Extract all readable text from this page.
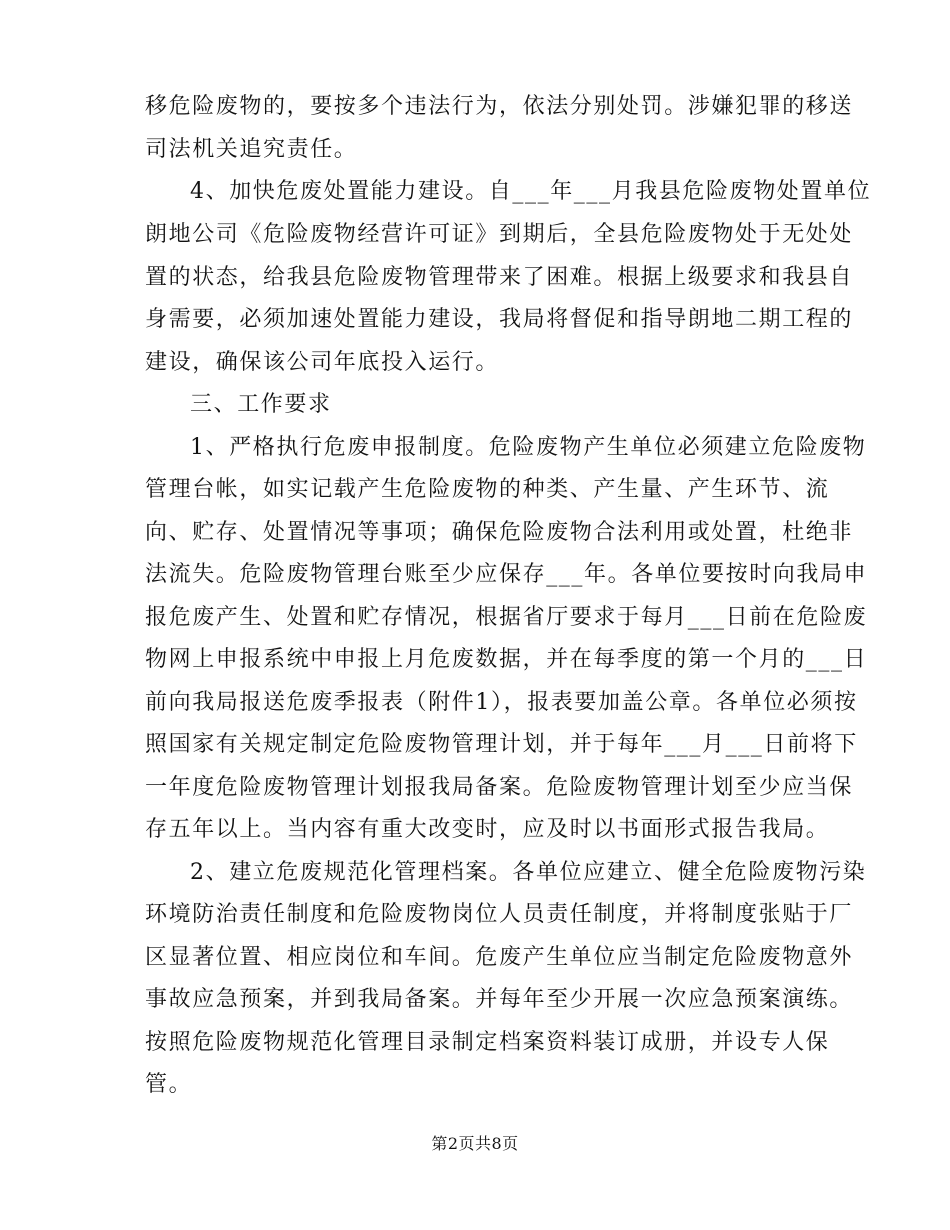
移危险废物的，要按多个违法行为，依法分别处罚。涉嫌犯罪的移送
司法机关追究责任。
4、加快危废处置能力建设。自___年___月我县危险废物处置单位
朗地公司《危险废物经营许可证》到期后，全县危险废物处于无处处
置的状态，给我县危险废物管理带来了困难。根据上级要求和我县自
身需要，必须加速处置能力建设，我局将督促和指导朗地二期工程的
建设，确保该公司年底投入运行。
三、工作要求
1、严格执行危废申报制度。危险废物产生单位必须建立危险废物
管理台帐，如实记载产生危险废物的种类、产生量、产生环节、流
向、贮存、处置情况等事项；确保危险废物合法利用或处置，杜绝非
法流失。危险废物管理台账至少应保存___年。各单位要按时向我局申
报危废产生、处置和贮存情况，根据省厅要求于每月___日前在危险废
物网上申报系统中申报上月危废数据，并在每季度的第一个月的___日
前向我局报送危废季报表（附件1），报表要加盖公章。各单位必须按
照国家有关规定制定危险废物管理计划，并于每年___月___日前将下
一年度危险废物管理计划报我局备案。危险废物管理计划至少应当保
存五年以上。当内容有重大改变时，应及时以书面形式报告我局。
2、建立危废规范化管理档案。各单位应建立、健全危险废物污染
环境防治责任制度和危险废物岗位人员责任制度，并将制度张贴于厂
区显著位置、相应岗位和车间。危废产生单位应当制定危险废物意外
事故应急预案，并到我局备案。并每年至少开展一次应急预案演练。
按照危险废物规范化管理目录制定档案资料装订成册，并设专人保
管。
第2页共8页
